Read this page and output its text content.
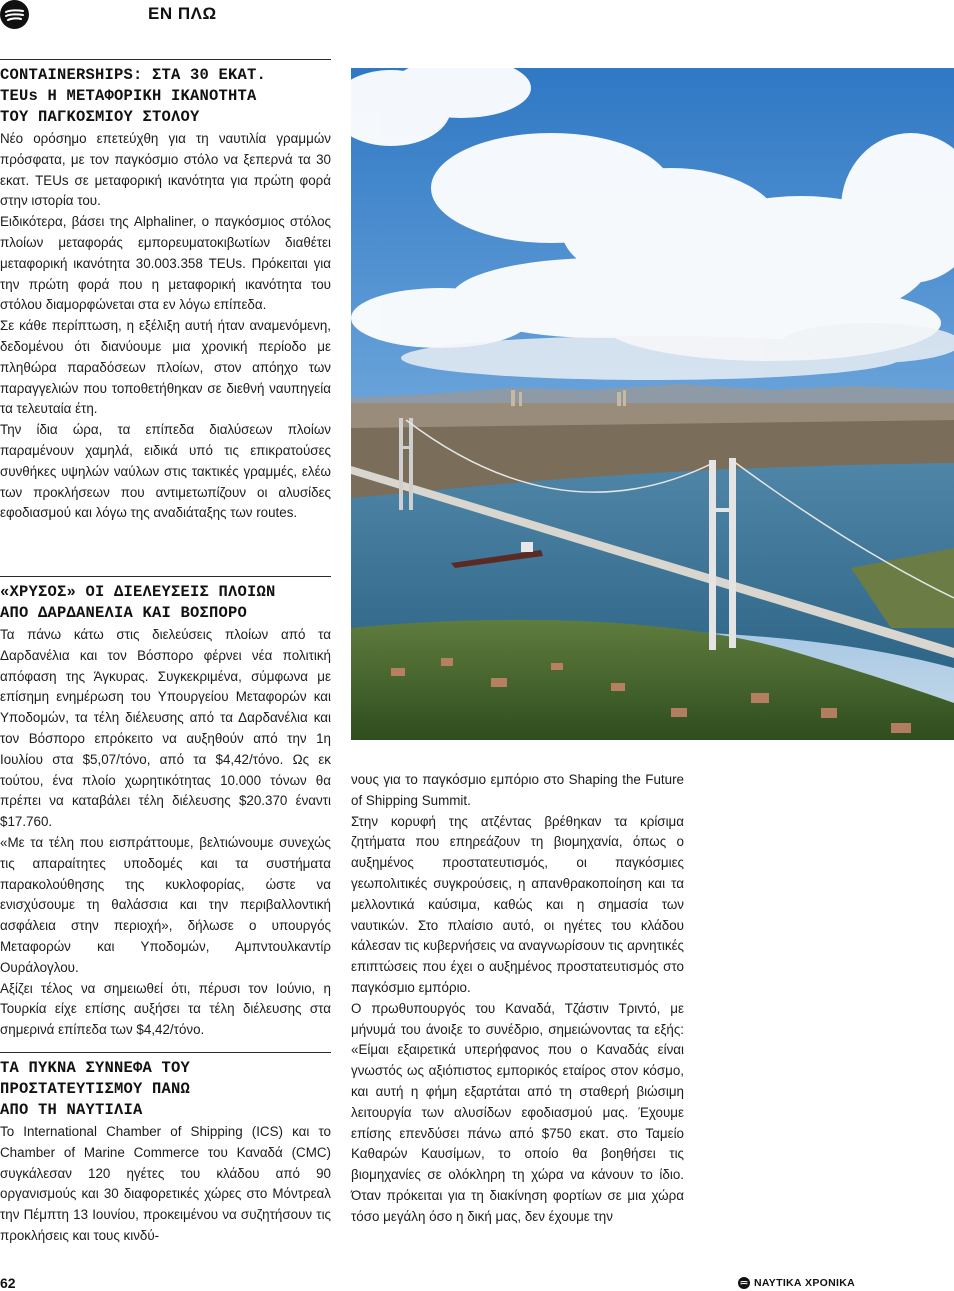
ΕΝ ΠΛΩ
CONTAINERSHIPS: ΣΤΑ 30 ΕΚΑΤ.
TEUs Η ΜΕΤΑΦΟΡΙΚΗ ΙΚΑΝΟΤΗΤΑ
ΤΟΥ ΠΑΓΚΟΣΜΙΟΥ ΣΤΟΛΟΥ

Νέο ορόσημο επετεύχθη για τη ναυτιλία γραμμών πρόσφατα, με τον παγκόσμιο στόλο να ξεπερνά τα 30 εκατ. TEUs σε μεταφορική ικανότητα για πρώτη φορά στην ιστορία του.

Ειδικότερα, βάσει της Alphaliner, ο παγκόσμιος στόλος πλοίων μεταφοράς εμπορευματοκιβωτίων διαθέτει μεταφορική ικανότητα 30.003.358 TEUs. Πρόκειται για την πρώτη φορά που η μεταφορική ικανότητα του στόλου διαμορφώνεται στα εν λόγω επίπεδα.

Σε κάθε περίπτωση, η εξέλιξη αυτή ήταν αναμενόμενη, δεδομένου ότι διανύουμε μια χρονική περίοδο με πληθώρα παραδόσεων πλοίων, στον απόηχο των παραγγελιών που τοποθετήθηκαν σε διεθνή ναυπηγεία τα τελευταία έτη.

Την ίδια ώρα, τα επίπεδα διαλύσεων πλοίων παραμένουν χαμηλά, ειδικά υπό τις επικρατούσες συνθήκες υψηλών ναύλων στις τακτικές γραμμές, ελέω των προκλήσεων που αντιμετωπίζουν οι αλυσίδες εφοδιασμού και λόγω της αναδιάταξης των routes.

«ΧΡΥΣΟΣ» ΟΙ ΔΙΕΛΕΥΣΕΙΣ ΠΛΟΙΩΝ
ΑΠΟ ΔΑΡΔΑΝΕΛΙΑ ΚΑΙ ΒΟΣΠΟΡΟ

Τα πάνω κάτω στις διελεύσεις πλοίων από τα Δαρδανέλια και τον Βόσπορο φέρνει νέα πολιτική απόφαση της Άγκυρας. Συγκεκριμένα, σύμφωνα με επίσημη ενημέρωση του Υπουργείου Μεταφορών και Υποδομών, τα τέλη διέλευσης από τα Δαρδανέλια και τον Βόσπορο επρόκειτο να αυξηθούν από την 1η Ιουλίου στα $5,07/τόνο, από τα $4,42/τόνο. Ως εκ τούτου, ένα πλοίο χωρητικότητας 10.000 τόνων θα πρέπει να καταβάλει τέλη διέλευσης $20.370 έναντι $17.760.

«Με τα τέλη που εισπράττουμε, βελτιώνουμε συνεχώς τις απαραίτητες υποδομές και τα συστήματα παρακολούθησης της κυκλοφορίας, ώστε να ενισχύσουμε τη θαλάσσια και την περιβαλλοντική ασφάλεια στην περιοχή», δήλωσε ο υπουργός Μεταφορών και Υποδομών, Αμπντουλκαντίρ Ουράλογλου.

Αξίζει τέλος να σημειωθεί ότι, πέρυσι τον Ιούνιο, η Τουρκία είχε επίσης αυξήσει τα τέλη διέλευσης στα σημερινά επίπεδα των $4,42/τόνο.

ΤΑ ΠΥΚΝΑ ΣΥΝΝΕΦΑ ΤΟΥ
ΠΡΟΣΤΑΤΕΥΤΙΣΜΟΥ ΠΑΝΩ
ΑΠΟ ΤΗ ΝΑΥΤΙΛΙΑ

Το International Chamber of Shipping (ICS) και το Chamber of Marine Commerce του Καναδά (CMC) συγκάλεσαν 120 ηγέτες του κλάδου από 90 οργανισμούς και 30 διαφορετικές χώρες στο Μόντρεαλ την Πέμπτη 13 Ιουνίου, προκειμένου να συζητήσουν τις προκλήσεις και τους κινδύ-

νους για το παγκόσμιο εμπόριο στο Shaping the Future of Shipping Summit.

Στην κορυφή της ατζέντας βρέθηκαν τα κρίσιμα ζητήματα που επηρεάζουν τη βιομηχανία, όπως ο αυξημένος προστατευτισμός, οι παγκόσμιες γεωπολιτικές συγκρούσεις, η απανθρακοποίηση και τα μελλοντικά καύσιμα, καθώς και η σημασία των ναυτικών. Στο πλαίσιο αυτό, οι ηγέτες του κλάδου κάλεσαν τις κυβερνήσεις να αναγνωρίσουν τις αρνητικές επιπτώσεις που έχει ο αυξημένος προστατευτισμός στο παγκόσμιο εμπόριο.

Ο πρωθυπουργός του Καναδά, Τζάστιν Τριντό, με μήνυμά του άνοιξε το συνέδριο, σημειώνοντας τα εξής: «Είμαι εξαιρετικά υπερήφανος που ο Καναδάς είναι γνωστός ως αξιόπιστος εμπορικός εταίρος στον κόσμο, και αυτή η φήμη εξαρτάται από τη σταθερή βιώσιμη λειτουργία των αλυσίδων εφοδιασμού μας. Έχουμε επίσης επενδύσει πάνω από $750 εκατ. στο Ταμείο Καθαρών Καυσίμων, το οποίο θα βοηθήσει τις βιομηχανίες σε ολόκληρη τη χώρα να κάνουν το ίδιο. Όταν πρόκειται για τη διακίνηση φορτίων σε μια χώρα τόσο μεγάλη όσο η δική μας, δεν έχουμε την

62	ΝΑΥΤΙΚΑ ΧΡΟΝΙΚΑ
